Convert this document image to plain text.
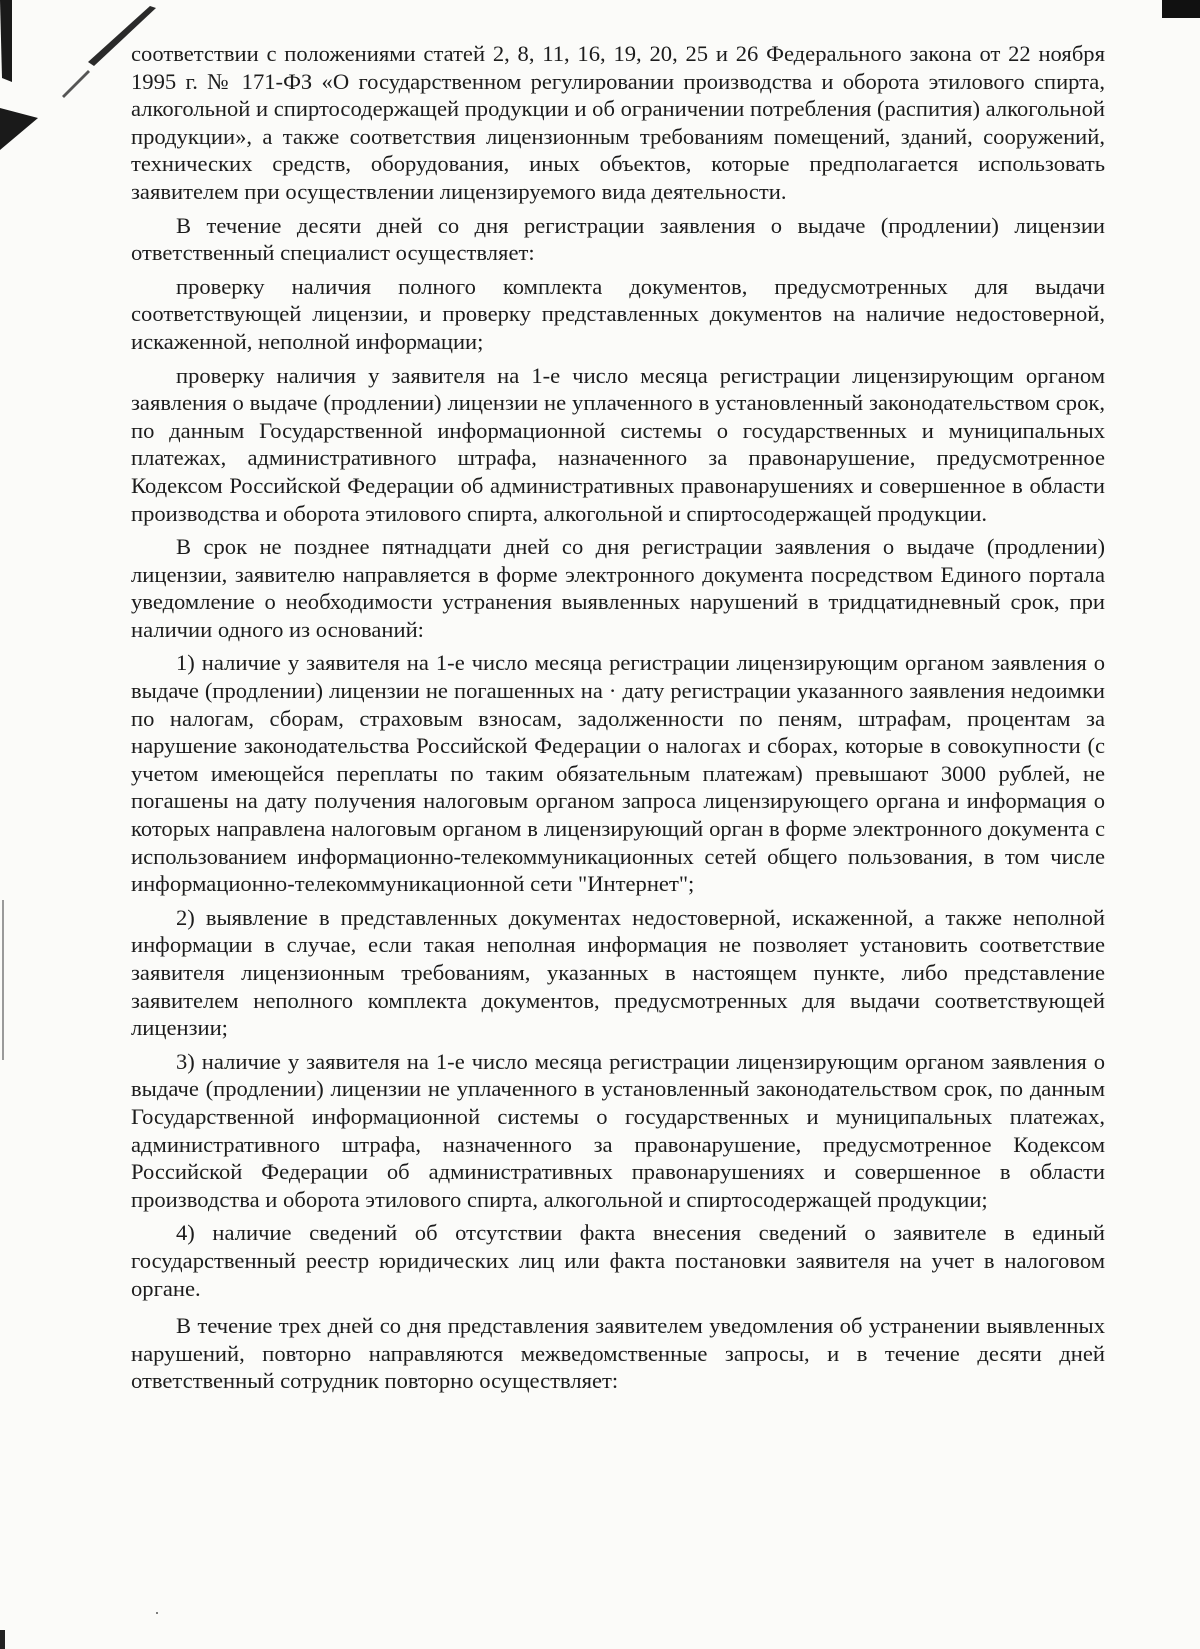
соответствии с положениями статей 2, 8, 11, 16, 19, 20, 25 и 26 Федерального закона от 22 ноября 1995 г. № 171-ФЗ «О государственном регулировании производства и оборота этилового спирта, алкогольной и спиртосодержащей продукции и об ограничении потребления (распития) алкогольной продукции», а также соответствия лицензионным требованиям помещений, зданий, сооружений, технических средств, оборудования, иных объектов, которые предполагается использовать заявителем при осуществлении лицензируемого вида деятельности.

В течение десяти дней со дня регистрации заявления о выдаче (продлении) лицензии ответственный специалист осуществляет:

проверку наличия полного комплекта документов, предусмотренных для выдачи соответствующей лицензии, и проверку представленных документов на наличие недостоверной, искаженной, неполной информации;

проверку наличия у заявителя на 1-е число месяца регистрации лицензирующим органом заявления о выдаче (продлении) лицензии не уплаченного в установленный законодательством срок, по данным Государственной информационной системы о государственных и муниципальных платежах, административного штрафа, назначенного за правонарушение, предусмотренное Кодексом Российской Федерации об административных правонарушениях и совершенное в области производства и оборота этилового спирта, алкогольной и спиртосодержащей продукции.

В срок не позднее пятнадцати дней со дня регистрации заявления о выдаче (продлении) лицензии, заявителю направляется в форме электронного документа посредством Единого портала уведомление о необходимости устранения выявленных нарушений в тридцатидневный срок, при наличии одного из оснований:

1) наличие у заявителя на 1-е число месяца регистрации лицензирующим органом заявления о выдаче (продлении) лицензии не погашенных на · дату регистрации указанного заявления недоимки по налогам, сборам, страховым взносам, задолженности по пеням, штрафам, процентам за нарушение законодательства Российской Федерации о налогах и сборах, которые в совокупности (с учетом имеющейся переплаты по таким обязательным платежам) превышают 3000 рублей, не погашены на дату получения налоговым органом запроса лицензирующего органа и информация о которых направлена налоговым органом в лицензирующий орган в форме электронного документа с использованием информационно-телекоммуникационных сетей общего пользования, в том числе информационно-телекоммуникационной сети "Интернет";

2) выявление в представленных документах недостоверной, искаженной, а также неполной информации в случае, если такая неполная информация не позволяет установить соответствие заявителя лицензионным требованиям, указанных в настоящем пункте, либо представление заявителем неполного комплекта документов, предусмотренных для выдачи соответствующей лицензии;

3) наличие у заявителя на 1-е число месяца регистрации лицензирующим органом заявления о выдаче (продлении) лицензии не уплаченного в установленный законодательством срок, по данным Государственной информационной системы о государственных и муниципальных платежах, административного штрафа, назначенного за правонарушение, предусмотренное Кодексом Российской Федерации об административных правонарушениях и совершенное в области производства и оборота этилового спирта, алкогольной и спиртосодержащей продукции;

4) наличие сведений об отсутствии факта внесения сведений о заявителе в единый государственный реестр юридических лиц или факта постановки заявителя на учет в налоговом органе.

В течение трех дней со дня представления заявителем уведомления об устранении выявленных нарушений, повторно направляются межведомственные запросы, и в течение десяти дней ответственный сотрудник повторно осуществляет:
